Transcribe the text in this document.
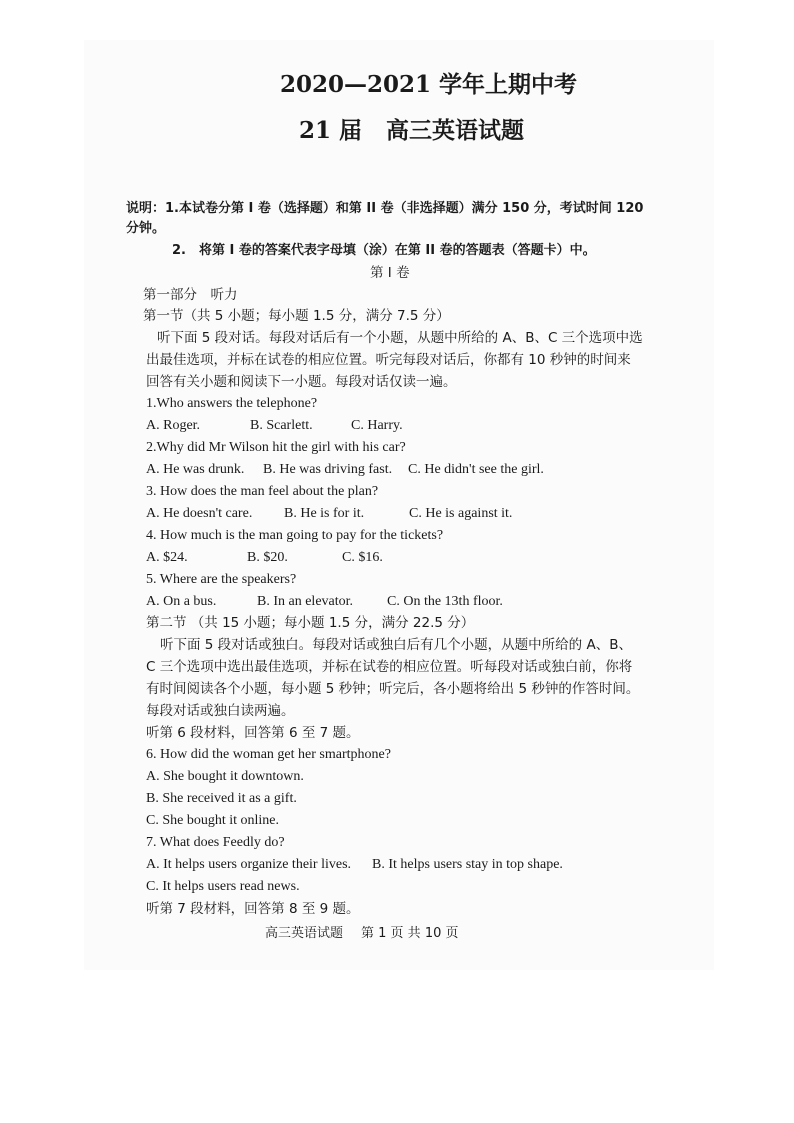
2020—2021 学年上期中考
21 届 高三英语试题
说明：1.本试卷分第 I 卷（选择题）和第 II 卷（非选择题）满分 150 分，考试时间 120
分钟。
2.　将第 I 卷的答案代表字母填（涂）在第 II 卷的答题表（答题卡）中。
第 I 卷
第一部分　听力
第一节（共 5 小题；每小题 1.5 分，满分 7.5 分）
听下面 5 段对话。每段对话后有一个小题，从题中所给的 A、B、C 三个选项中选
出最佳选项，并标在试卷的相应位置。听完每段对话后，你都有 10 秒钟的时间来
回答有关小题和阅读下一小题。每段对话仅读一遍。
1.Who answers the telephone?
A. Roger.	B. Scarlett.	C. Harry.
2.Why did Mr Wilson hit the girl with his car?
A. He was drunk. B. He was driving fast. C. He didn't see the girl.
3. How does the man feel about the plan?
A. He doesn't care. B. He is for it.	C. He is against it.
4. How much is the man going to pay for the tickets?
A. $24.	B. $20.	C. $16.
5. Where are the speakers?
A. On a bus.	B. In an elevator. C. On the 13th floor.
第二节 （共 15 小题；每小题 1.5 分，满分 22.5 分）
听下面 5 段对话或独白。每段对话或独白后有几个小题，从题中所给的 A、B、
C 三个选项中选出最佳选项，并标在试卷的相应位置。听每段对话或独白前，你将
有时间阅读各个小题，每小题 5 秒钟；听完后，各小题将给出 5 秒钟的作答时间。
每段对话或独白读两遍。
听第 6 段材料，回答第 6 至 7 题。
6. How did the woman get her smartphone?
A. She bought it downtown.
B. She received it as a gift.
C. She bought it online.
7. What does Feedly do?
A. It helps users organize their lives. B. It helps users stay in top shape.
C. It helps users read news.
听第 7 段材料，回答第 8 至 9 题。
高三英语试题 第 1 页 共 10 页
